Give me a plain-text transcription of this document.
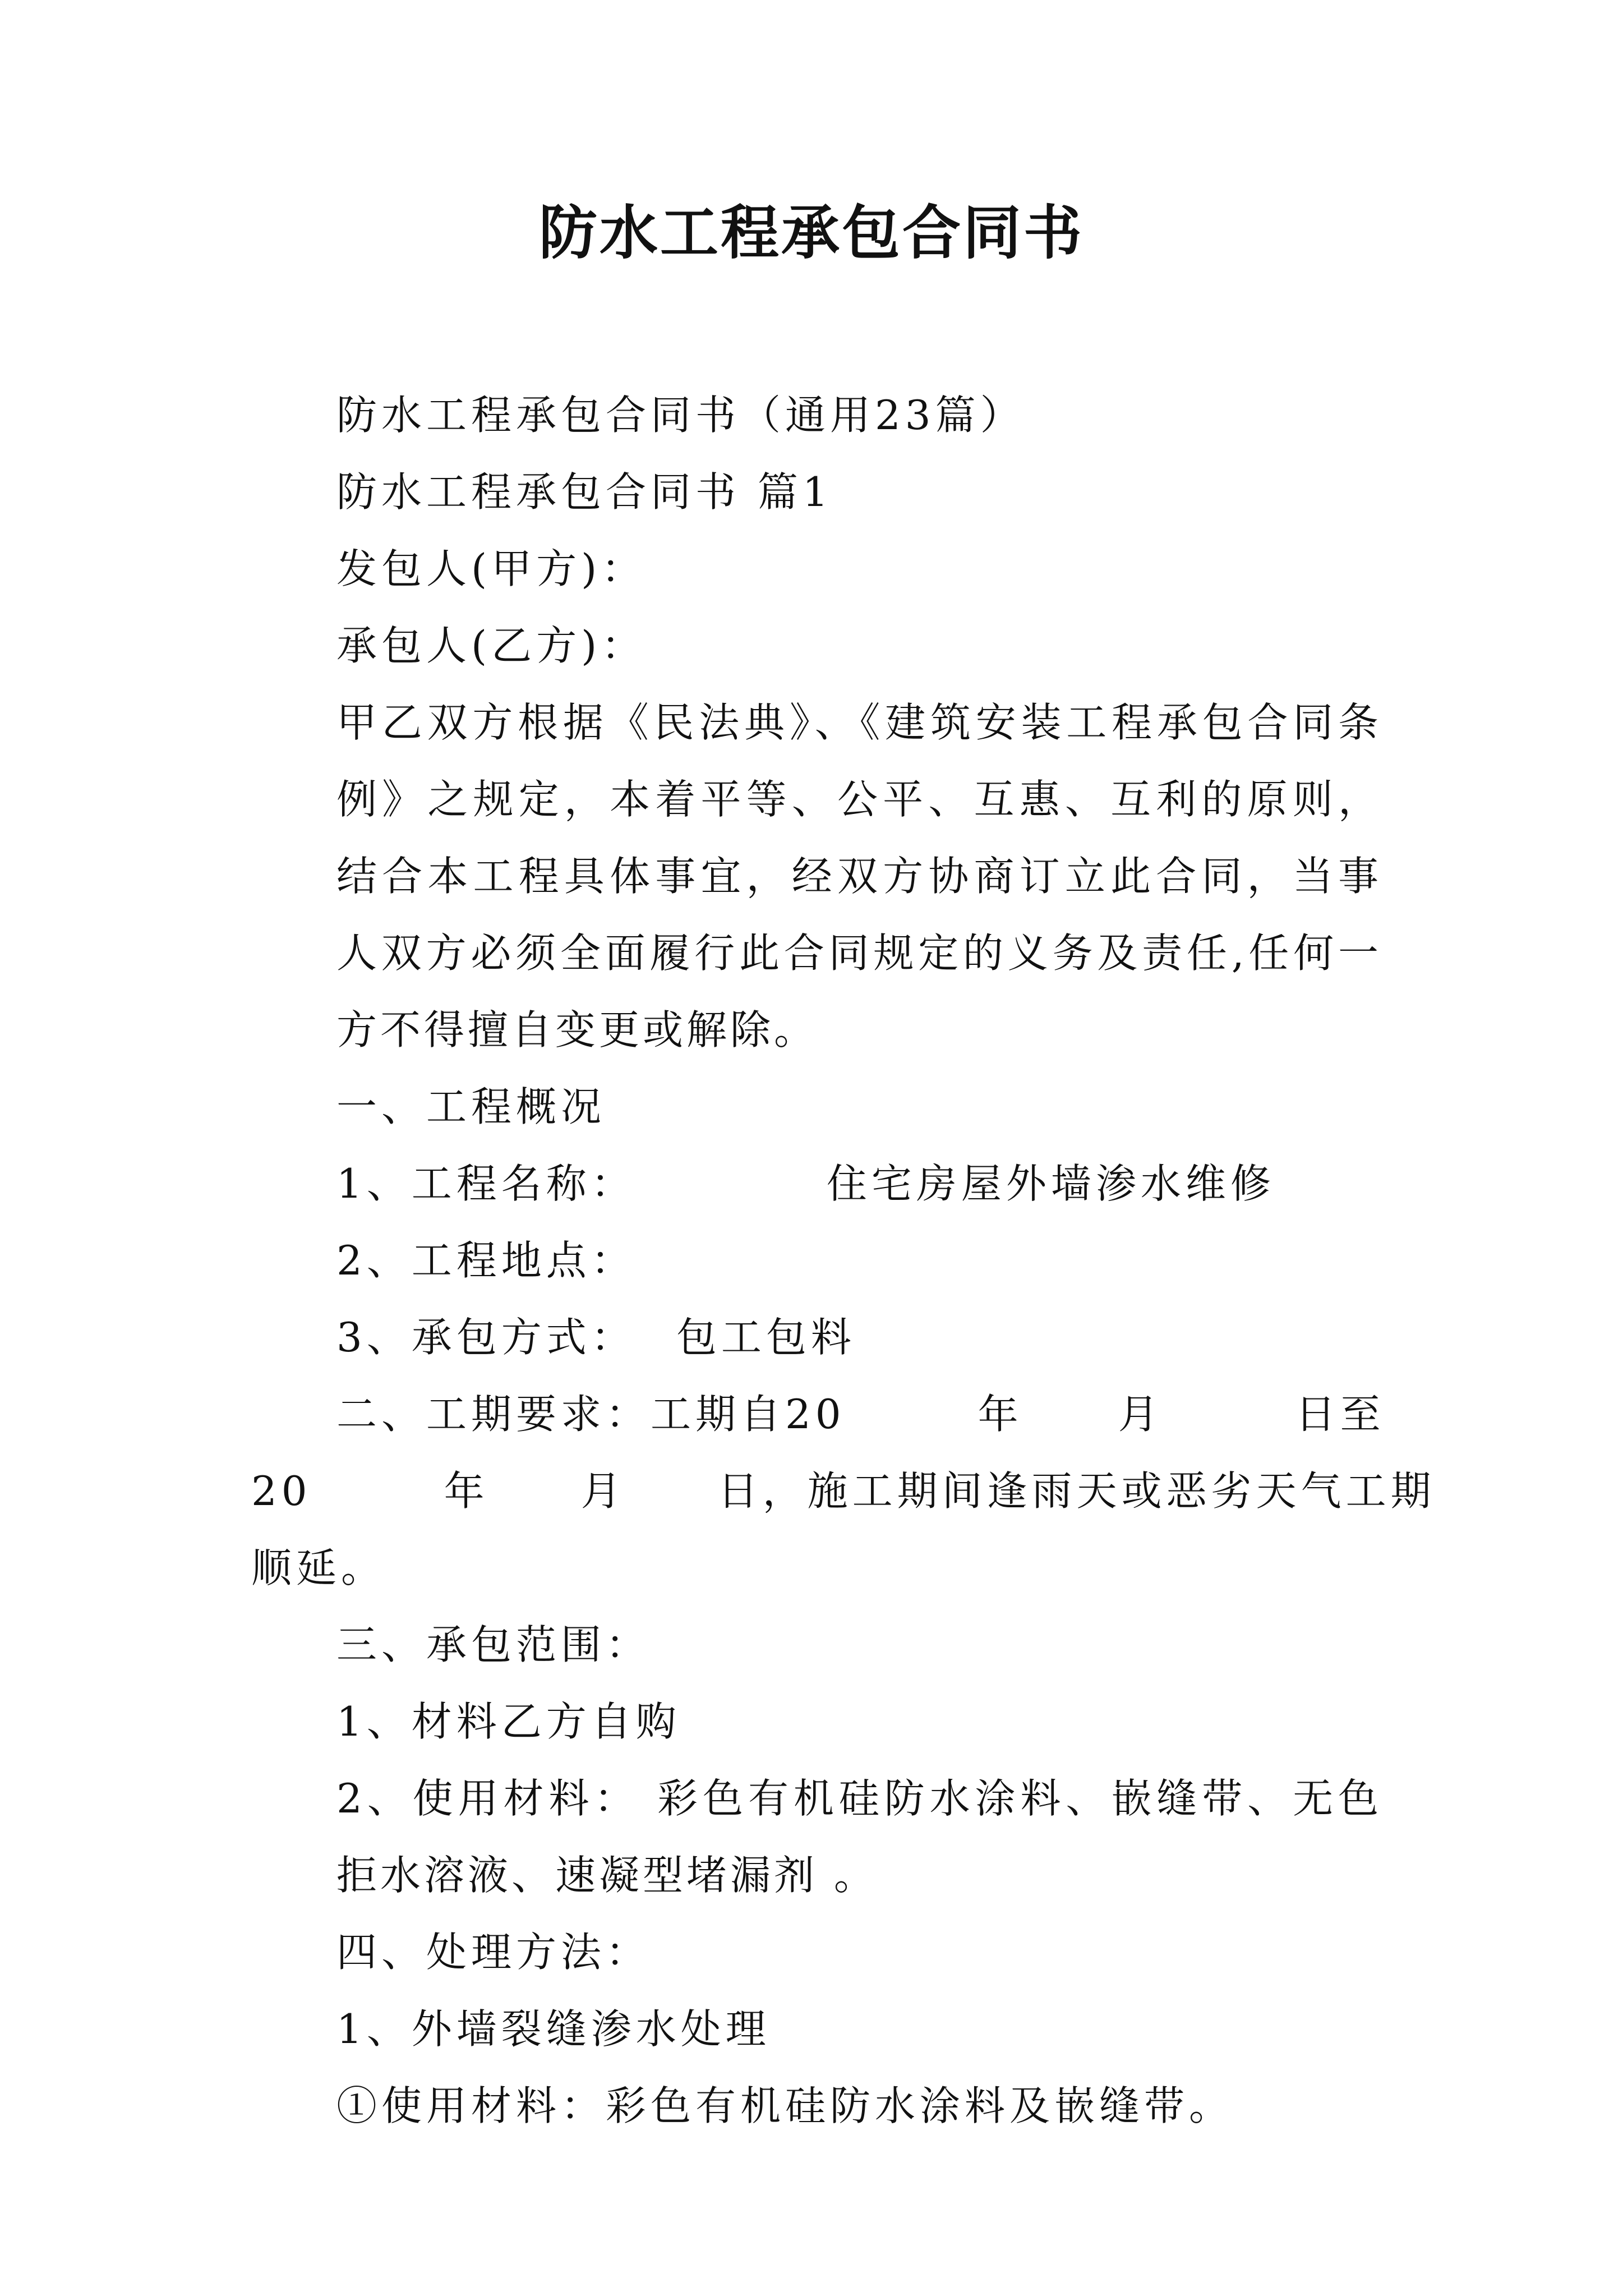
防水工程承包合同书

防水工程承包合同书（通用23篇）

防水工程承包合同书 篇1

发包人(甲方)：

承包人(乙方)：

甲乙双方根据《民法典》、《建筑安装工程承包合同条例》之规定，本着平等、公平、互惠、互利的原则，结合本工程具体事宜，经双方协商订立此合同，当事人双方必须全面履行此合同规定的义务及责任,任何一方不得擅自变更或解除。

一、工程概况

1、工程名称：	住宅房屋外墙渗水维修

2、工程地点：

3、承包方式： 包工包料

二、工期要求：工期自20	年 月	日至

20	年 月 日，施工期间逢雨天或恶劣天气工期

顺延。

三、承包范围：

1、材料乙方自购

2、使用材料： 彩色有机硅防水涂料、嵌缝带、无色拒水溶液、速凝型堵漏剂 。

四、处理方法：

1、外墙裂缝渗水处理

①使用材料：彩色有机硅防水涂料及嵌缝带。
